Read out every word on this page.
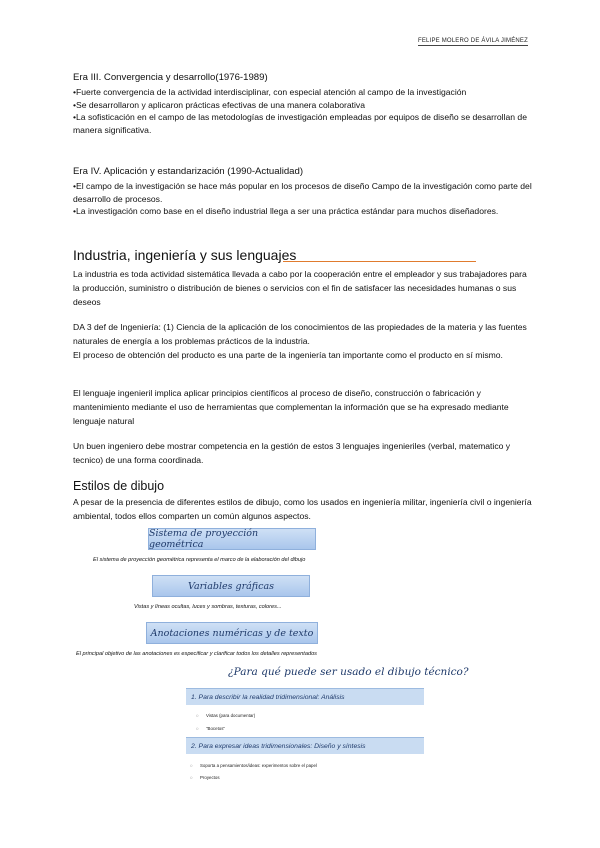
FELIPE MOLERO DE ÁVILA JIMÉNEZ

Era III. Convergencia y desarrollo(1976-1989)

•Fuerte convergencia de la actividad interdisciplinar, con especial atención al campo de la investigación

•Se desarrollaron y aplicaron prácticas efectivas de una manera colaborativa

•La sofisticación en el campo de las metodologías de investigación empleadas por equipos de diseño se desarrollan de manera significativa.

Era IV. Aplicación y estandarización (1990-Actualidad)

•El campo de la investigación se hace más popular en los procesos de diseño Campo de la investigación como parte del desarrollo de procesos.

•La investigación como base en el diseño industrial llega a ser una práctica estándar para muchos diseñadores.

Industria, ingeniería y sus lenguajes

La industria es toda actividad sistemática llevada a cabo por la cooperación entre el empleador y sus trabajadores para la producción, suministro o distribución de bienes o servicios con el fin de satisfacer las necesidades humanas o sus deseos

DA 3 def de Ingeniería: (1) Ciencia de la aplicación de los conocimientos de las propiedades de la materia y las fuentes naturales de energía a los problemas prácticos de la industria.

El proceso de obtención del producto es una parte de la ingeniería tan importante como el producto en sí mismo.

El lenguaje ingenieril implica aplicar principios científicos al proceso de diseño, construcción o fabricación y mantenimiento mediante el uso de herramientas que complementan la información que se ha expresado mediante lenguaje natural

Un buen ingeniero debe mostrar competencia en la gestión de estos 3 lenguajes ingenieriles (verbal, matematico y tecnico) de una forma coordinada.

Estilos de dibujo

A pesar de la presencia de diferentes estilos de dibujo, como los usados en ingeniería militar, ingeniería civil o ingeniería ambiental, todos ellos comparten un común algunos aspectos.

Sistema de proyección geométrica
El sistema de proyección geométrica representa el marco de la elaboración del dibujo
Variables gráficas
Vistas y líneas ocultas, luces y sombras, texturas, colores...
Anotaciones numéricas y de texto
El principal objetivo de las anotaciones es especificar y clarificar todos los detalles representados
¿Para qué puede ser usado el dibujo técnico?
1. Para describir la realidad tridimensional: Análisis
○ Vistas (para documentar)
○ "Bocetos"
2. Para expresar ideas tridimensionales: Diseño y síntesis
○ Soporta a pensamientos/ideas: experimentos sobre el papel
○ Proyectos
